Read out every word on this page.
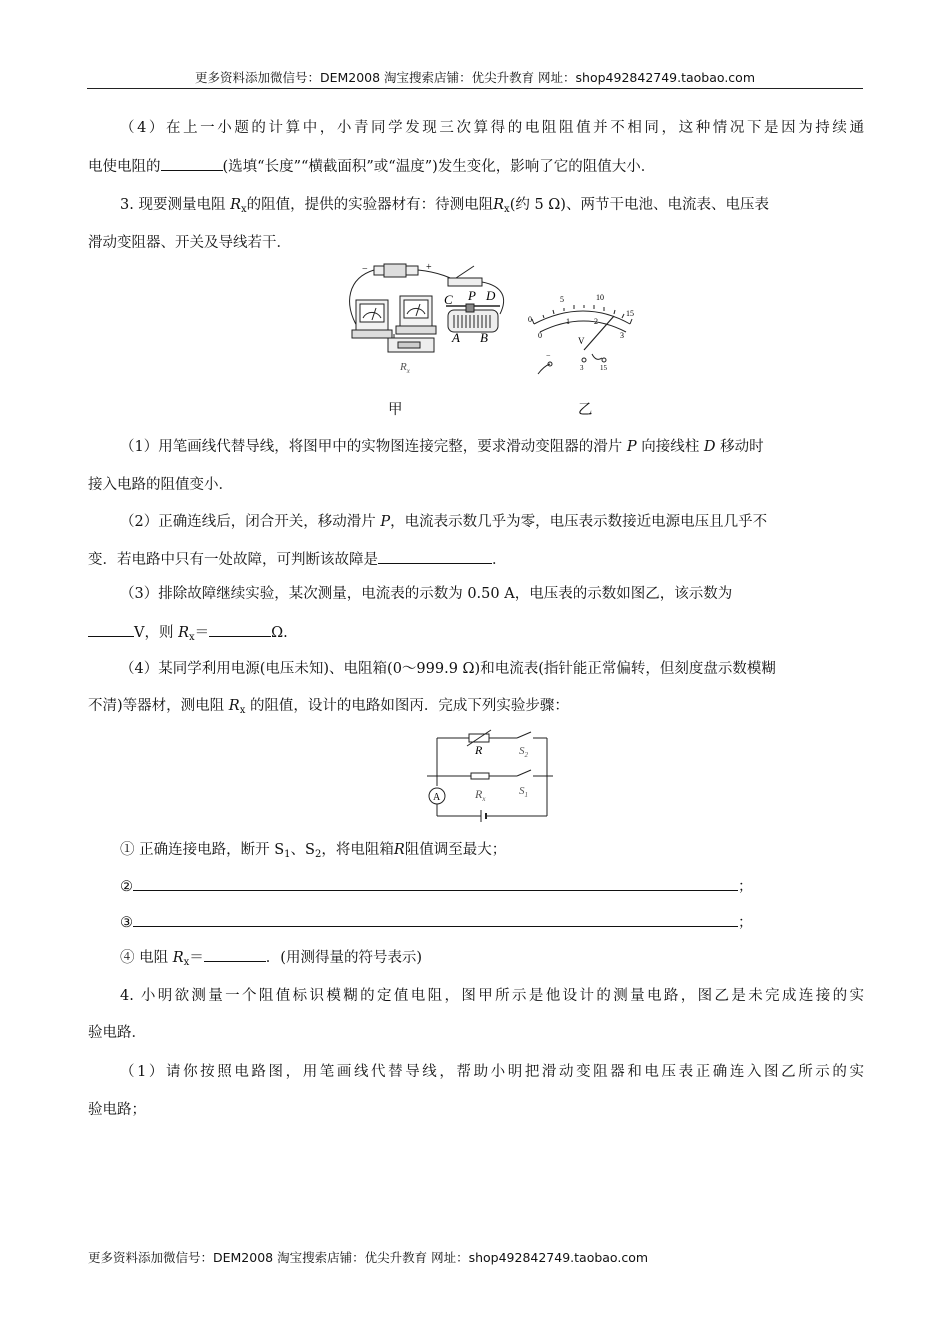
更多资料添加微信号：DEM2008 淘宝搜索店铺：优尖升教育 网址：shop492842749.taobao.com
（4）在上一小题的计算中，小青同学发现三次算得的电阻阻值并不相同，这种情况下是因为持续通
电使电阻的	(选填“长度”“横截面积”或“温度”)发生变化，影响了它的阻值大小．
3. 现要测量电阻 $R_x$的阻值，提供的实验器材有：待测电阻$R_x$(约 5 Ω)、两节干电池、电流表、电压表
滑动变阻器、开关及导线若干．
−	+
C P D
A B
$R_x$
0
5	10
15
0
1	2
3
V
−
3 15
甲	乙
（1）用笔画线代替导线，将图甲中的实物图连接完整，要求滑动变阻器的滑片 P 向接线柱 D 移动时
接入电路的阻值变小．
（2）正确连线后，闭合开关，移动滑片 P，电流表示数几乎为零，电压表示数接近电源电压且几乎不
变．若电路中只有一处故障，可判断该故障是	．
（3）排除故障继续实验，某次测量，电流表的示数为 0.50 A，电压表的示数如图乙，该示数为
V，则 $R_x=$	Ω.
（4）某同学利用电源(电压未知)、电阻箱(0～999.9 Ω)和电流表(指针能正常偏转，但刻度盘示数模糊
不清)等器材，测电阻 $R_x$ 的阻值，设计的电路如图丙．完成下列实验步骤：
R	$S_2$
$R_x$
$S_1$
A
① 正确连接电路，断开 $S_1$、$S_2$，将电阻箱R阻值调至最大；
②	；
③	；
④ 电阻 $R_x=$	．(用测得量的符号表示)
4. 小明欲测量一个阻值标识模糊的定值电阻，图甲所示是他设计的测量电路，图乙是未完成连接的实
验电路．
（1）请你按照电路图，用笔画线代替导线，帮助小明把滑动变阻器和电压表正确连入图乙所示的实
验电路；
更多资料添加微信号：DEM2008 淘宝搜索店铺：优尖升教育 网址：shop492842749.taobao.com
